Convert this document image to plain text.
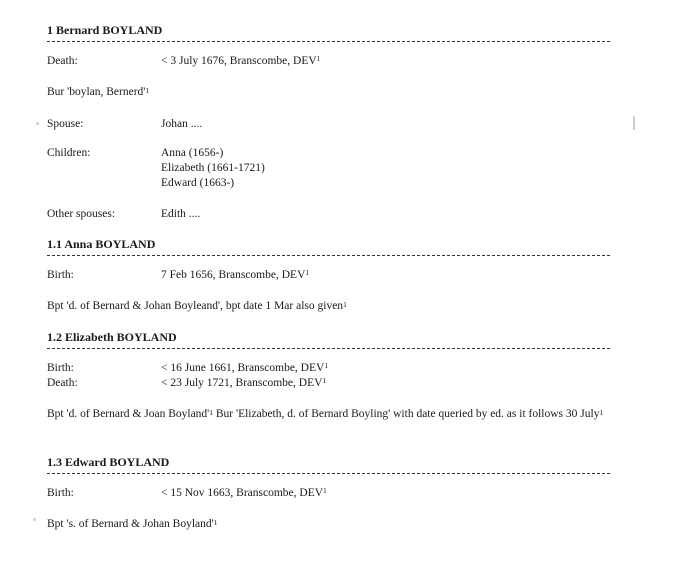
1 Bernard BOYLAND
Death:	< 3 July 1676, Branscombe, DEV$^1$
Bur 'boylan, $Bernerd'^1$
Spouse:	Johan ....
Children:	Anna (1656-)
Elizabeth (1661-1721)
Edward (1663-)
Other spouses:	Edith ....
1.1 Anna BOYLAND
Birth:	7 Feb 1656, Branscombe, DEV$^1$
Bpt 'd. of Bernard & Johan Boyleand', bpt date 1 Mar also given$^1$
1.2 Elizabeth BOYLAND
Birth:	< 16 June 1661, Branscombe, DEV$^1$
Death:	< 23 July 1721, Branscombe, DEV$^1$
Bpt 'd. of Bernard & Joan $Boyland'^1$ Bur 'Elizabeth, d. of Bernard Boyling' with date queried by ed. as it follows 30 July$^1$
1.3 Edward BOYLAND
Birth:	< 15 Nov 1663, Branscombe, DEV$^1$
Bpt 's. of Bernard & Johan $Boyland'^1$
